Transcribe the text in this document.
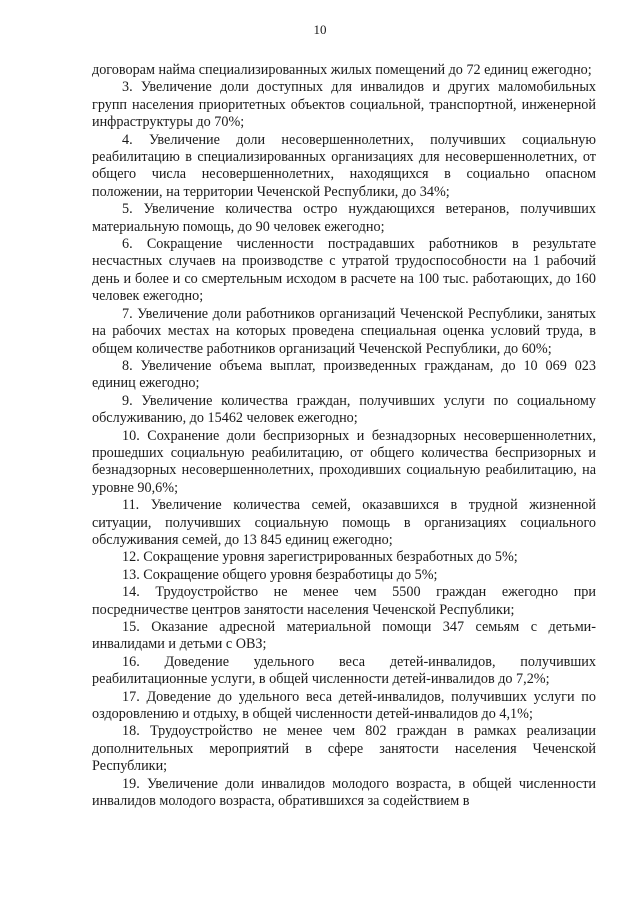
10

договорам найма специализированных жилых помещений до 72 единиц ежегодно;

3. Увеличение доли доступных для инвалидов и других маломобильных групп населения приоритетных объектов социальной, транспортной, инженерной инфраструктуры до 70%;

4. Увеличение доли несовершеннолетних, получивших социальную реабилитацию в специализированных организациях для несовершеннолетних, от общего числа несовершеннолетних, находящихся в социально опасном положении, на территории Чеченской Республики, до 34%;

5. Увеличение количества остро нуждающихся ветеранов, получивших материальную помощь, до 90 человек ежегодно;

6. Сокращение численности пострадавших работников в результате несчастных случаев на производстве с утратой трудоспособности на 1 рабочий день и более и со смертельным исходом в расчете на 100 тыс. работающих, до 160 человек ежегодно;

7. Увеличение доли работников организаций Чеченской Республики, занятых на рабочих местах на которых проведена специальная оценка условий труда, в общем количестве работников организаций Чеченской Республики, до 60%;

8. Увеличение объема выплат, произведенных гражданам, до 10 069 023 единиц ежегодно;

9. Увеличение количества граждан, получивших услуги по социальному обслуживанию, до 15462 человек ежегодно;

10. Сохранение доли беспризорных и безнадзорных несовершеннолетних, прошедших социальную реабилитацию, от общего количества беспризорных и безнадзорных несовершеннолетних, проходивших социальную реабилитацию, на уровне 90,6%;

11. Увеличение количества семей, оказавшихся в трудной жизненной ситуации, получивших социальную помощь в организациях социального обслуживания семей, до 13 845 единиц ежегодно;

12. Сокращение уровня зарегистрированных безработных до 5%;

13. Сокращение общего уровня безработицы до 5%;

14. Трудоустройство не менее чем 5500 граждан ежегодно при посредничестве центров занятости населения Чеченской Республики;

15. Оказание адресной материальной помощи 347 семьям с детьми-инвалидами и детьми с ОВЗ;

16. Доведение удельного веса детей-инвалидов, получивших реабилитационные услуги, в общей численности детей-инвалидов до 7,2%;

17. Доведение до удельного веса детей-инвалидов, получивших услуги по оздоровлению и отдыху, в общей численности детей-инвалидов до 4,1%;

18. Трудоустройство не менее чем 802 граждан в рамках реализации дополнительных мероприятий в сфере занятости населения Чеченской Республики;

19. Увеличение доли инвалидов молодого возраста, в общей численности инвалидов молодого возраста, обратившихся за содействием в
